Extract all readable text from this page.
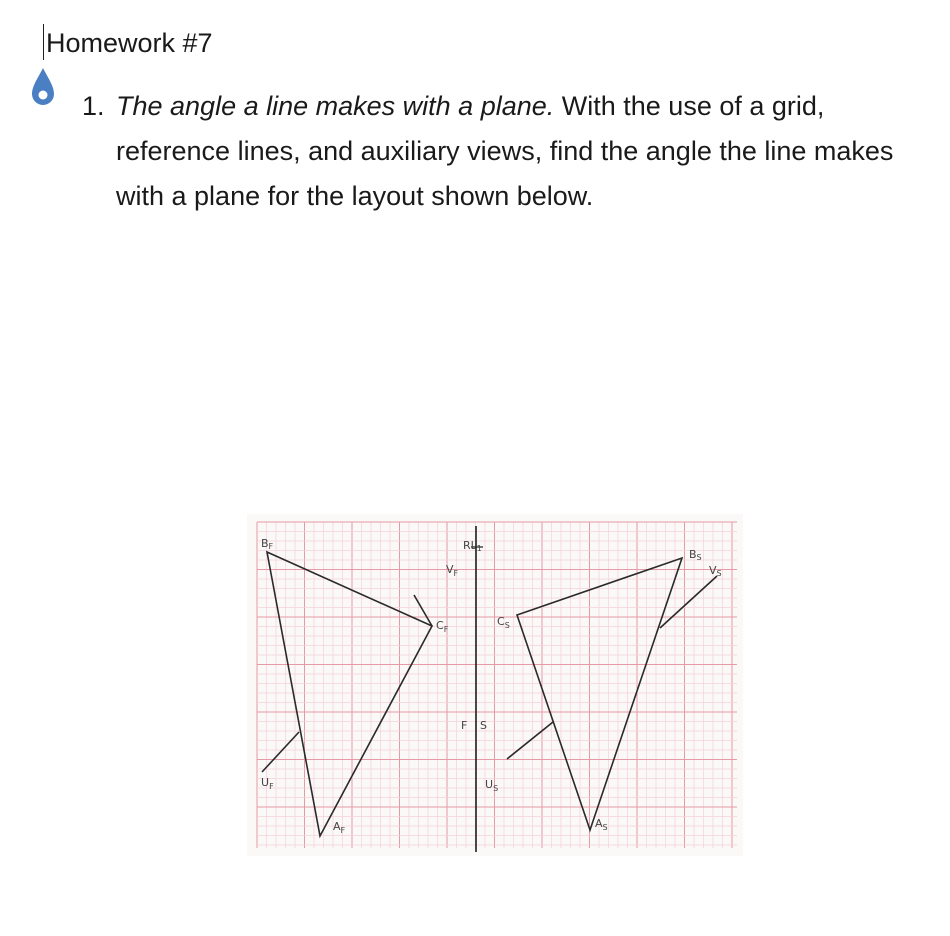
Homework #7
1. The angle a line makes with a plane. With the use of a grid, reference lines, and auxiliary views, find the angle the line makes with a plane for the layout shown below.
BF
$V_F$
$C_F$
$U_F$
$A_F$
RL1
F S
$C_S$
$U_S$
$A_S$
BS
VS
